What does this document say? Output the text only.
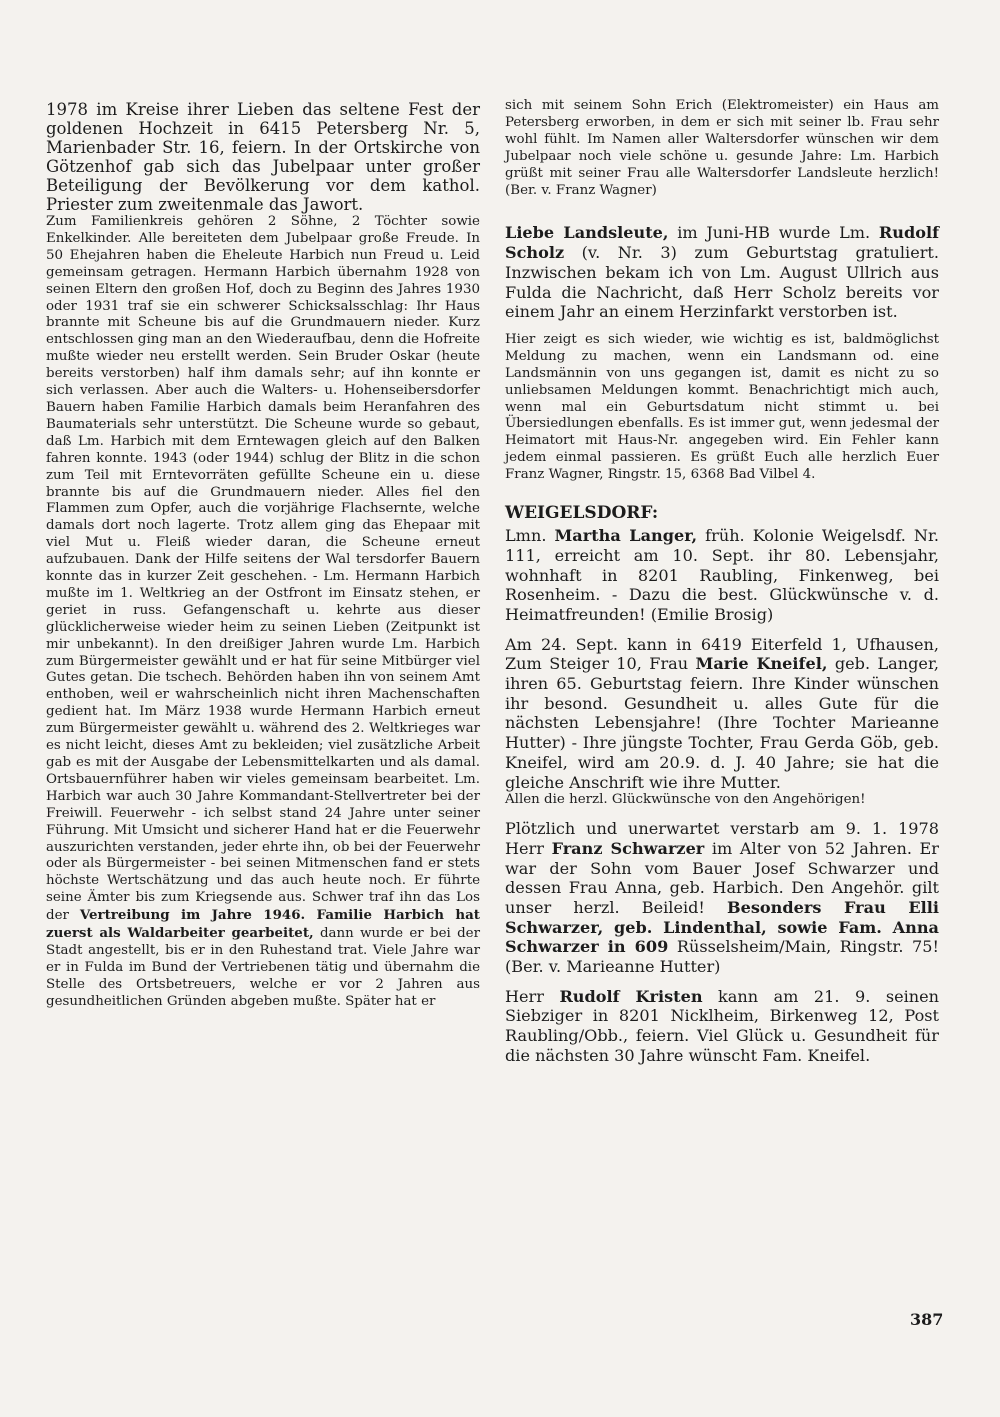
1978 im Kreise ihrer Lieben das seltene Fest der goldenen Hochzeit in 6415 Petersberg Nr. 5, Marienbader Str. 16, feiern. In der Ortskirche von Götzenhof gab sich das Jubelpaar unter großer Beteiligung der Bevölkerung vor dem kathol. Priester zum zweitenmale das Jawort.

Zum Familienkreis gehören 2 Söhne, 2 Töchter sowie Enkelkinder. Alle bereiteten dem Jubelpaar große Freude. In 50 Ehejahren haben die Eheleute Harbich nun Freud u. Leid gemeinsam getragen. Hermann Harbich übernahm 1928 von seinen Eltern den großen Hof, doch zu Beginn des Jahres 1930 oder 1931 traf sie ein schwerer Schicksalsschlag: Ihr Haus brannte mit Scheune bis auf die Grundmauern nieder. Kurz entschlossen ging man an den Wiederaufbau, denn die Hofreite mußte wieder neu erstellt werden. Sein Bruder Oskar (heute bereits verstorben) half ihm damals sehr; auf ihn konnte er sich verlassen. Aber auch die Walters- u. Hohenseibersdorfer Bauern haben Familie Harbich damals beim Heranfahren des Baumaterials sehr unterstützt. Die Scheune wurde so gebaut, daß Lm. Harbich mit dem Erntewagen gleich auf den Balken fahren konnte. 1943 (oder 1944) schlug der Blitz in die schon zum Teil mit Erntevorräten gefüllte Scheune ein u. diese brannte bis auf die Grundmauern nieder. Alles fiel den Flammen zum Opfer, auch die vorjährige Flachsernte, welche damals dort noch lagerte. Trotz allem ging das Ehepaar mit viel Mut u. Fleiß wieder daran, die Scheune erneut aufzubauen. Dank der Hilfe seitens der Wal tersdorfer Bauern konnte das in kurzer Zeit geschehen. - Lm. Hermann Harbich mußte im 1. Weltkrieg an der Ostfront im Einsatz stehen, er geriet in russ. Gefangenschaft u. kehrte aus dieser glücklicherweise wieder heim zu seinen Lieben (Zeitpunkt ist mir unbekannt). In den dreißiger Jahren wurde Lm. Harbich zum Bürgermeister gewählt und er hat für seine Mitbürger viel Gutes getan. Die tschech. Behörden haben ihn von seinem Amt enthoben, weil er wahrscheinlich nicht ihren Machenschaften gedient hat. Im März 1938 wurde Hermann Harbich erneut zum Bürgermeister gewählt u. während des 2. Weltkrieges war es nicht leicht, dieses Amt zu bekleiden; viel zusätzliche Arbeit gab es mit der Ausgabe der Lebensmittelkarten und als damal. Ortsbauernführer haben wir vieles gemeinsam bearbeitet. Lm. Harbich war auch 30 Jahre Kommandant-Stellvertreter bei der Freiwill. Feuerwehr - ich selbst stand 24 Jahre unter seiner Führung. Mit Umsicht und sicherer Hand hat er die Feuerwehr auszurichten verstanden, jeder ehrte ihn, ob bei der Feuerwehr oder als Bürgermeister - bei seinen Mitmenschen fand er stets höchste Wertschätzung und das auch heute noch. Er führte seine Ämter bis zum Kriegsende aus. Schwer traf ihn das Los der Vertreibung im Jahre 1946. Familie Harbich hat zuerst als Waldarbeiter gearbeitet, dann wurde er bei der Stadt angestellt, bis er in den Ruhestand trat. Viele Jahre war er in Fulda im Bund der Vertriebenen tätig und übernahm die Stelle des Ortsbetreuers, welche er vor 2 Jahren aus gesundheitlichen Gründen abgeben mußte. Später hat er

sich mit seinem Sohn Erich (Elektromeister) ein Haus am Petersberg erworben, in dem er sich mit seiner lb. Frau sehr wohl fühlt. Im Namen aller Waltersdorfer wünschen wir dem Jubelpaar noch viele schöne u. gesunde Jahre: Lm. Harbich grüßt mit seiner Frau alle Waltersdorfer Landsleute herzlich! (Ber. v. Franz Wagner)

Liebe Landsleute, im Juni-HB wurde Lm. Rudolf Scholz (v. Nr. 3) zum Geburtstag gratuliert. Inzwischen bekam ich von Lm. August Ullrich aus Fulda die Nachricht, daß Herr Scholz bereits vor einem Jahr an einem Herzinfarkt verstorben ist.

Hier zeigt es sich wieder, wie wichtig es ist, baldmöglichst Meldung zu machen, wenn ein Landsmann od. eine Landsmännin von uns gegangen ist, damit es nicht zu so unliebsamen Meldungen kommt. Benachrichtigt mich auch, wenn mal ein Geburtsdatum nicht stimmt u. bei Übersiedlungen ebenfalls. Es ist immer gut, wenn jedesmal der Heimatort mit Haus-Nr. angegeben wird. Ein Fehler kann jedem einmal passieren. Es grüßt Euch alle herzlich Euer Franz Wagner, Ringstr. 15, 6368 Bad Vilbel 4.

WEIGELSDORF:

Lmn. Martha Langer, früh. Kolonie Weigelsdf. Nr. 111, erreicht am 10. Sept. ihr 80. Lebensjahr, wohnhaft in 8201 Raubling, Finkenweg, bei Rosenheim. - Dazu die best. Glückwünsche v. d. Heimatfreunden! (Emilie Brosig)

Am 24. Sept. kann in 6419 Eiterfeld 1, Ufhausen, Zum Steiger 10, Frau Marie Kneifel, geb. Langer, ihren 65. Geburtstag feiern. Ihre Kinder wünschen ihr besond. Gesundheit u. alles Gute für die nächsten Lebensjahre! (Ihre Tochter Marieanne Hutter) - Ihre jüngste Tochter, Frau Gerda Göb, geb. Kneifel, wird am 20.9. d. J. 40 Jahre; sie hat die gleiche Anschrift wie ihre Mutter.

Allen die herzl. Glückwünsche von den Angehörigen!

Plötzlich und unerwartet verstarb am 9. 1. 1978 Herr Franz Schwarzer im Alter von 52 Jahren. Er war der Sohn vom Bauer Josef Schwarzer und dessen Frau Anna, geb. Harbich. Den Angehör. gilt unser herzl. Beileid! Besonders Frau Elli Schwarzer, geb. Lindenthal, sowie Fam. Anna Schwarzer in 609 Rüsselsheim/Main, Ringstr. 75! (Ber. v. Marieanne Hutter)

Herr Rudolf Kristen kann am 21. 9. seinen Siebziger in 8201 Nicklheim, Birkenweg 12, Post Raubling/Obb., feiern. Viel Glück u. Gesundheit für die nächsten 30 Jahre wünscht Fam. Kneifel.

387
